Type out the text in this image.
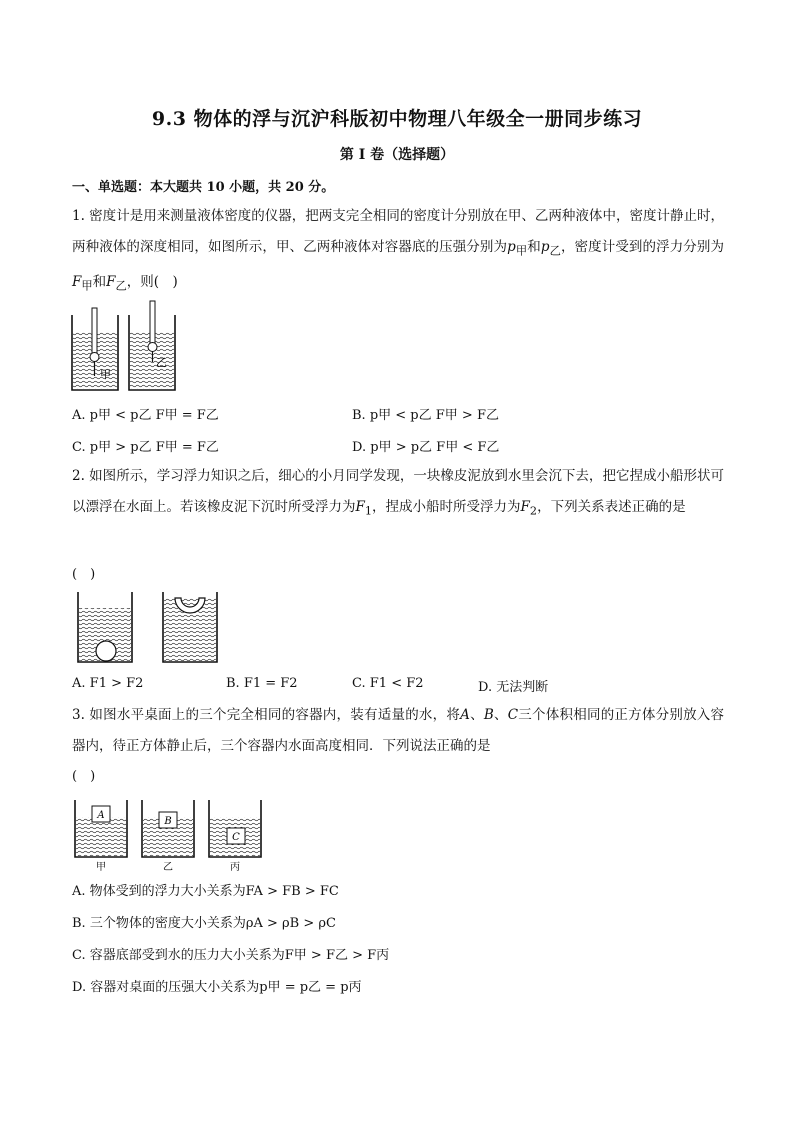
9.3 物体的浮与沉沪科版初中物理八年级全一册同步练习
第 I 卷（选择题）
一、单选题：本大题共 10 小题，共 20 分。
1. 密度计是用来测量液体密度的仪器，把两支完全相同的密度计分别放在甲、乙两种液体中，密度计静止时，两种液体的深度相同，如图所示，甲、乙两种液体对容器底的压强分别为$p_甲$和$p_乙$，密度计受到的浮力分别为$F_甲$和$F_乙$，则(　)
甲
乙
A. p甲 < p乙 F甲 = F乙	B. p甲 < p乙 F甲 > F乙
C. p甲 > p乙 F甲 = F乙	D. p甲 > p乙 F甲 < F乙
2. 如图所示，学习浮力知识之后，细心的小月同学发现，一块橡皮泥放到水里会沉下去，把它捏成小船形状可以漂浮在水面上。若该橡皮泥下沉时所受浮力为$F_1$，捏成小船时所受浮力为$F_2$，下列关系表述正确的是
(　)
A. F1 > F2	B. F1 = F2	C. F1 < F2	D. 无法判断
3. 如图水平桌面上的三个完全相同的容器内，装有适量的水，将A、B、C三个体积相同的正方体分别放入容器内，待正方体静止后，三个容器内水面高度相同．下列说法正确的是
(　)
A
甲
B
乙
C
丙
A. 物体受到的浮力大小关系为FA > FB > FC
B. 三个物体的密度大小关系为ρA > ρB > ρC
C. 容器底部受到水的压力大小关系为F甲 > F乙 > F丙
D. 容器对桌面的压强大小关系为p甲 = p乙 = p丙
